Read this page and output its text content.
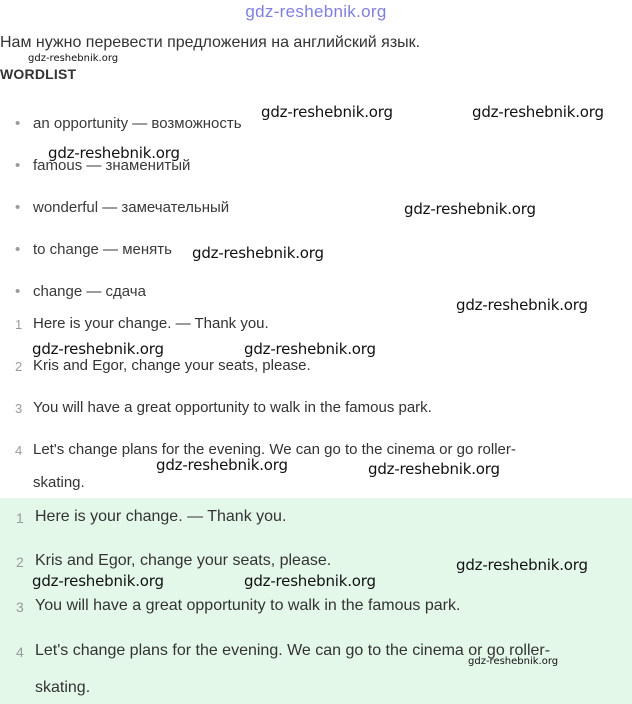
gdz-reshebnik.org
Нам нужно перевести предложения на английский язык.
WORDLIST
• an opportunity — возможность
• famous — знаменитый
• wonderful — замечательный
• to change — менять
• change — сдача
1 Here is your change. — Thank you.
2 Kris and Egor, change your seats, please.
3 You will have a great opportunity to walk in the famous park.
4 Let's change plans for the evening. We can go to the cinema or go roller-
skating.
1 Here is your change. — Thank you.
2 Kris and Egor, change your seats, please.
3 You will have a great opportunity to walk in the famous park.
4 Let's change plans for the evening. We can go to the cinema or go roller-
skating.
gdz-reshebnik.org
gdz-reshebnik.org	gdz-reshebnik.org
gdz-reshebnik.org
gdz-reshebnik.org
gdz-reshebnik.org
gdz-reshebnik.org
gdz-reshebnik.org	gdz-reshebnik.org
gdz-reshebnik.org	gdz-reshebnik.org
gdz-reshebnik.org
gdz-reshebnik.org	gdz-reshebnik.org
gdz-reshebnik.org
